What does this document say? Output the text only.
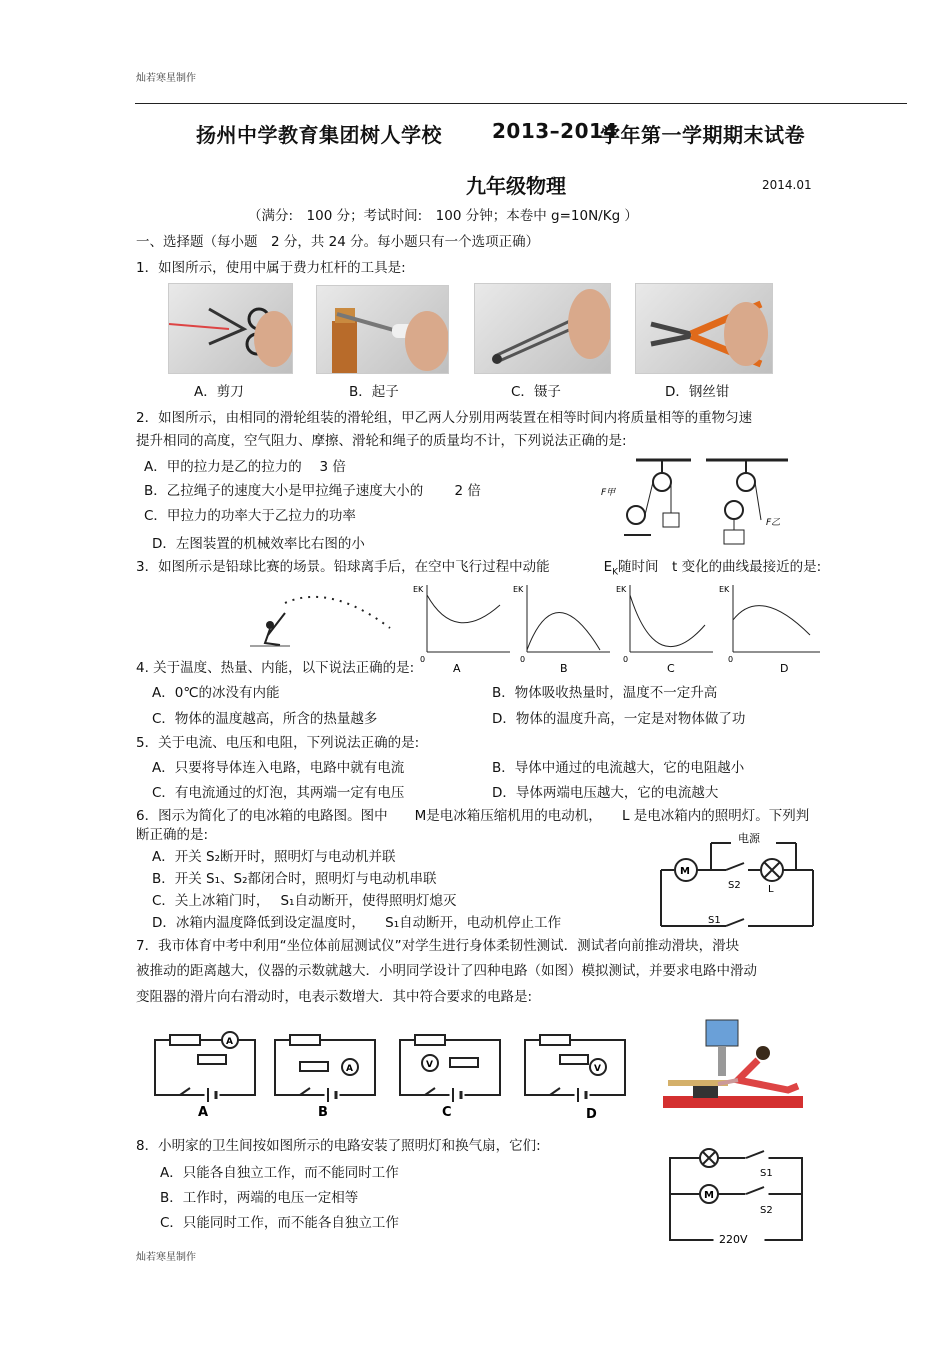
灿若寒星制作
扬州中学教育集团树人学校	2013–2014
学年第一学期期末试卷
九年级物理	2014.01
（满分:　100 分；考试时间:　100 分钟；本卷中 g=10N/Kg ）
一、选择题（每小题　2 分，共 24 分。每小题只有一个选项正确）
1．如图所示，使用中属于费力杠杆的工具是:
A．剪刀	B．起子	C．镊子	D．钢丝钳
2．如图所示，由相同的滑轮组装的滑轮组，甲乙两人分别用两装置在相等时间内将质量相等的重物匀速
提升相同的高度，空气阻力、摩擦、滑轮和绳子的质量均不计，下列说法正确的是:
A．甲的拉力是乙的拉力的　 3 倍
B．乙拉绳子的速度大小是甲拉绳子速度大小的　　 2 倍
C．甲拉力的功率大于乙拉力的功率
D．左图装置的机械效率比右图的小
F甲
F乙
3．如图所示是铅球比赛的场景。铅球离手后，在空中飞行过程中动能　　　　$E_K$随时间　t 变化的曲线最接近的是:
EK
0
A
EK
0
B
EK
0
C
EK
0
D
4. 关于温度、热量、内能，以下说法正确的是:
A．0℃的冰没有内能	B．物体吸收热量时，温度不一定升高
C．物体的温度越高，所含的热量越多	D．物体的温度升高，一定是对物体做了功
5．关于电流、电压和电阻，下列说法正确的是:
A．只要将导体连入电路，电路中就有电流	B．导体中通过的电流越大，它的电阻越小
C．有电流通过的灯泡，其两端一定有电压	D．导体两端电压越大，它的电流越大
6．图示为简化了的电冰箱的电路图。图中　　M是电冰箱压缩机用的电动机，　　L 是电冰箱内的照明灯。下列判
断正确的是:
A．开关 S₂断开时，照明灯与电动机并联
B．开关 S₁、S₂都闭合时，照明灯与电动机串联
C．关上冰箱门时，　 S₁自动断开，使得照明灯熄灭
D．冰箱内温度降低到设定温度时，　　S₁自动断开，电动机停止工作
电源
M
S2	L
S1
7．我市体育中考中利用“坐位体前屈测试仪”对学生进行身体柔韧性测试．测试者向前推动滑块，滑块
被推动的距离越大，仪器的示数就越大．小明同学设计了四种电路（如图）模拟测试，并要求电路中滑动
变阻器的滑片向右滑动时，电表示数增大．其中符合要求的电路是:
A
A
A
B
V
C
V
D
8．小明家的卫生间按如图所示的电路安装了照明灯和换气扇，它们:
A．只能各自独立工作，而不能同时工作
B．工作时，两端的电压一定相等
C．只能同时工作，而不能各自独立工作
S1
M
S2
220V
灿若寒星制作
